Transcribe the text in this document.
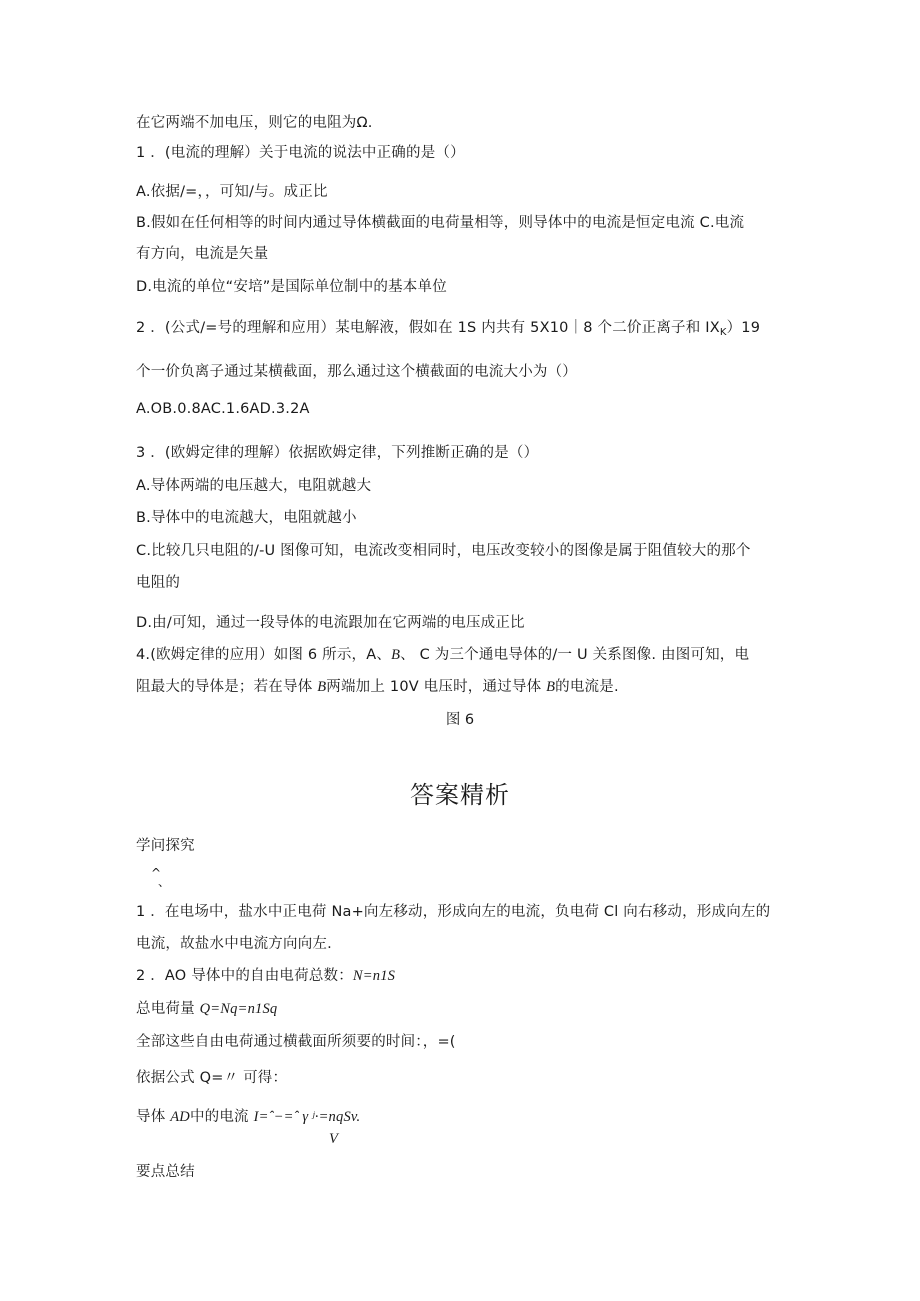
在它两端不加电压，则它的电阻为Ω.
1 ．(电流的理解）关于电流的说法中正确的是（）
A.依据/=，，可知/与。成正比
B.假如在任何相等的时间内通过导体横截面的电荷量相等，则导体中的电流是恒定电流 C.电流
有方向，电流是矢量
D.电流的单位“安培”是国际单位制中的基本单位
2 ．(公式/=号的理解和应用）某电解液，假如在 1S 内共有 5X10｜8 个二价正离子和 $IX_K)19$
个一价负离子通过某横截面，那么通过这个横截面的电流大小为（）
A.OB.0.8AC.1.6AD.3.2A
3 ．(欧姆定律的理解）依据欧姆定律，下列推断正确的是（）
A.导体两端的电压越大，电阻就越大
B.导体中的电流越大，电阻就越小
C.比较几只电阻的/-U 图像可知，电流改变相同时，电压改变较小的图像是属于阻值较大的那个
电阻的
D.由/可知，通过一段导体的电流跟加在它两端的电压成正比
4.(欧姆定律的应用）如图 6 所示，A、B、 C 为三个通电导体的/一 U 关系图像. 由图可知，电
阻最大的导体是；若在导体 B两端加上 10V 电压时，通过导体 B的电流是.
图 6
答案精析
学问探究
^
、
1 ．在电场中，盐水中正电荷 Na+向左移动，形成向左的电流，负电荷 Cl 向右移动，形成向左的
电流，故盐水中电流方向向左.
2 ．AO 导体中的自由电荷总数：N=n1S
总电荷量 Q=Nq=n1Sq
全部这些自由电荷通过横截面所须要的时间：，=(
依据公式 Q=〃 可得：
导体 AD中的电流 I=ˆ−=ˆ γ ʲ·=nqSv.
V
要点总结
